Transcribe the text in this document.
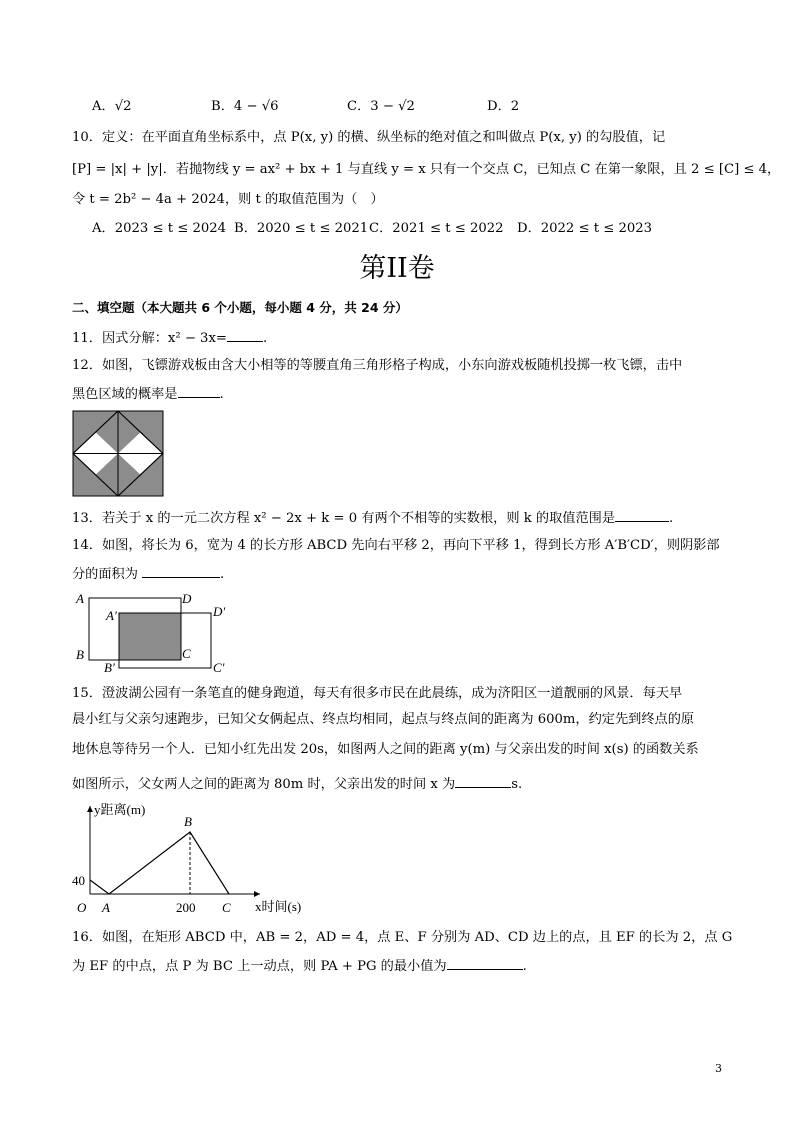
A．√2	B．4 − √6	C．3 − √2	D．2
10．定义：在平面直角坐标系中，点 P(x, y) 的横、纵坐标的绝对值之和叫做点 P(x, y) 的勾股值，记
[P] = |x| + |y|．若抛物线 y = ax² + bx + 1 与直线 y = x 只有一个交点 C，已知点 C 在第一象限，且 2 ≤ [C] ≤ 4，
令 t = 2b² − 4a + 2024，则 t 的取值范围为（　）
A．2023 ≤ t ≤ 2024 B．2020 ≤ t ≤ 2021 C．2021 ≤ t ≤ 2022 D．2022 ≤ t ≤ 2023
第II卷
二、填空题（本大题共 6 个小题，每小题 4 分，共 24 分）
11．因式分解：x² − 3x=	.
12．如图，飞镖游戏板由含大小相等的等腰直角三角形格子构成，小东向游戏板随机投掷一枚飞镖，击中
黑色区域的概率是	.
13．若关于 x 的一元二次方程 x² − 2x + k = 0 有两个不相等的实数根，则 k 的取值范围是	.
14．如图，将长为 6，宽为 4 的长方形 ABCD 先向右平移 2，再向下平移 1，得到长方形 A′B′CD′，则阴影部
分的面积为	.
A
B	C
D
A′
B′	C′
D′
15．澄波湖公园有一条笔直的健身跑道，每天有很多市民在此晨练，成为济阳区一道靓丽的风景．每天早
晨小红与父亲匀速跑步，已知父女俩起点、终点均相同，起点与终点间的距离为 600m，约定先到终点的原
地休息等待另一个人．已知小红先出发 20s，如图两人之间的距离 y(m) 与父亲出发的时间 x(s) 的函数关系
如图所示，父女两人之间的距离为 80m 时，父亲出发的时间 x 为	s.
y距离(m)
x时间(s)
O
40
200
A
B
C
16．如图，在矩形 ABCD 中，AB = 2，AD = 4，点 E、F 分别为 AD、CD 边上的点，且 EF 的长为 2，点 G
为 EF 的中点，点 P 为 BC 上一动点，则 PA + PG 的最小值为	.
3
